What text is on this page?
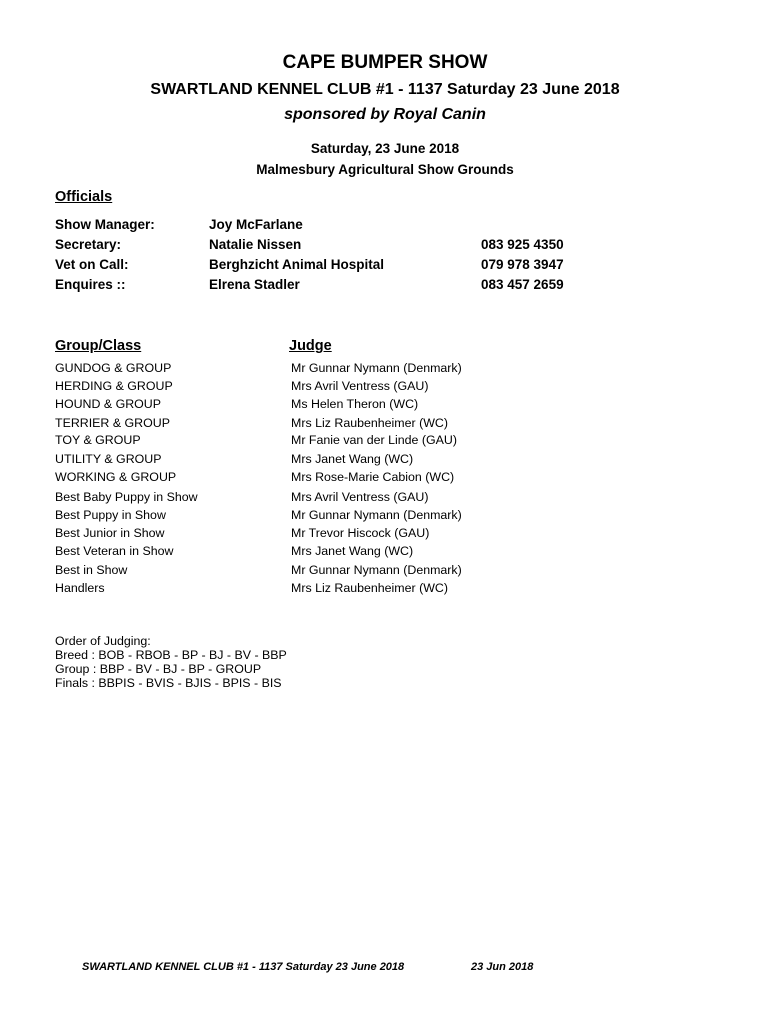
CAPE BUMPER SHOW
SWARTLAND KENNEL CLUB #1 - 1137 Saturday 23 June 2018
sponsored by Royal Canin
Saturday, 23 June 2018
Malmesbury Agricultural Show Grounds
Officials
Show Manager:	Joy McFarlane
Secretary:	Natalie Nissen	083 925 4350
Vet on Call:	Berghzicht Animal Hospital	079 978 3947
Enquires ::	Elrena Stadler	083 457 2659
Group/Class	Judge
GUNDOG & GROUP	Mr Gunnar Nymann (Denmark)
HERDING & GROUP	Mrs Avril Ventress (GAU)
HOUND & GROUP	Ms Helen Theron (WC)
TERRIER & GROUP	Mrs Liz Raubenheimer (WC)
TOY & GROUP	Mr Fanie van der Linde (GAU)
UTILITY & GROUP	Mrs Janet Wang (WC)
WORKING & GROUP	Mrs Rose-Marie Cabion (WC)
Best Baby Puppy in Show	Mrs Avril Ventress (GAU)
Best Puppy in Show	Mr Gunnar Nymann (Denmark)
Best Junior in Show	Mr Trevor Hiscock (GAU)
Best Veteran in Show	Mrs Janet Wang (WC)
Best in Show	Mr Gunnar Nymann (Denmark)
Handlers	Mrs Liz Raubenheimer (WC)
Order of Judging:
Breed : BOB - RBOB - BP - BJ - BV - BBP
Group : BBP - BV - BJ - BP - GROUP
Finals : BBPIS - BVIS - BJIS - BPIS - BIS
SWARTLAND KENNEL CLUB #1 - 1137 Saturday 23 June 2018	23 Jun 2018
